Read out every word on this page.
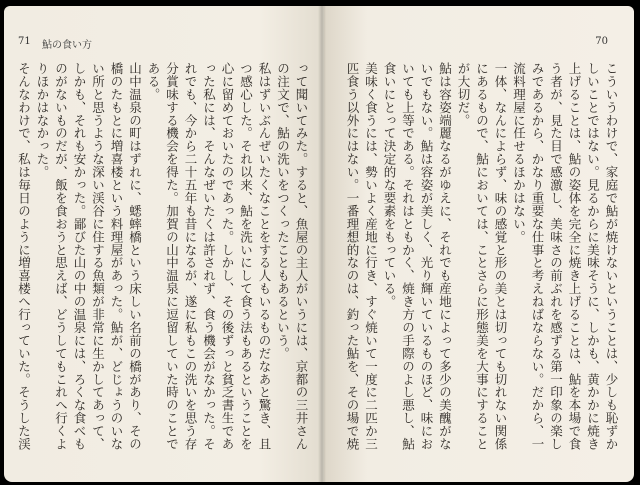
71 鮎の食い方

って聞いてみた。すると、魚屋の主人がいうには、京都の三井さんの注文で、鮎の洗いをつくったこともあるという。

私はずいぶんぜいたくなことをする人もいるものだなあと驚き、且つ感心した。それ以来、鮎を洗いにして食う法もあるということを心に留めておいたのであった。しかし、その後ずっと貧乏書生であった私には、そんなぜいたくは許されず、食う機会がなかった。それでも、今から二十五年も昔になるが、遂に私もこの洗いを思う存分賞味する機会を得た。加賀の山中温泉に逗留していた時のことである。

山中温泉の町はずれに、蟋蟀橋という床しい名前の橋があり、その橋のたもとに増喜楼という料理屋があった。鮎が、どじょうのいない所と思うような深い渓谷に住する魚類が非常に生かしてあって、しかも、それも安かった。鄙びた山の中の温泉には、ろくな食べものがないものだが、飯を食おうと思えば、どうしてもこれへ行くよりほかはなかった。

そんなわけで、私は毎日のように増喜楼へ行っていた。そうした渓

70

こういうわけで、家庭で鮎が焼けないということは、少しも恥ずかしいことではない。見るからに美味そうに、しかも、黄かかに焼き上げることは、鮎の姿体を完全に焼き上げることは、鮎を本場で食う者が、見た目で感激し、美味さの前ぶれを感ずる第一印象の楽しみであるから、かなり重要な仕事と考えねばならない。だから、一流料理屋に任せるほかはない。

一体、なんによらず、味の感覚と形の美とは切っても切れない関係にあるもので、鮎においては、ことさらに形態美を大事にすることが大切だ。

鮎は容姿端麗なるがゆえに、それでも産地によって多少の美醜がないでもない。鮎は容姿が美しく、光り輝いているものほど、味においても上等である。それはともかく、焼き方の手際のよし悪し、鮎食いにとって決定的な要素をもっている。

美味く食うには、勢いよく産地に行き、すぐ焼いて一度に二匹か三匹食う以外にはない。一番理想的なのは、釣った鮎を、その場で焼
